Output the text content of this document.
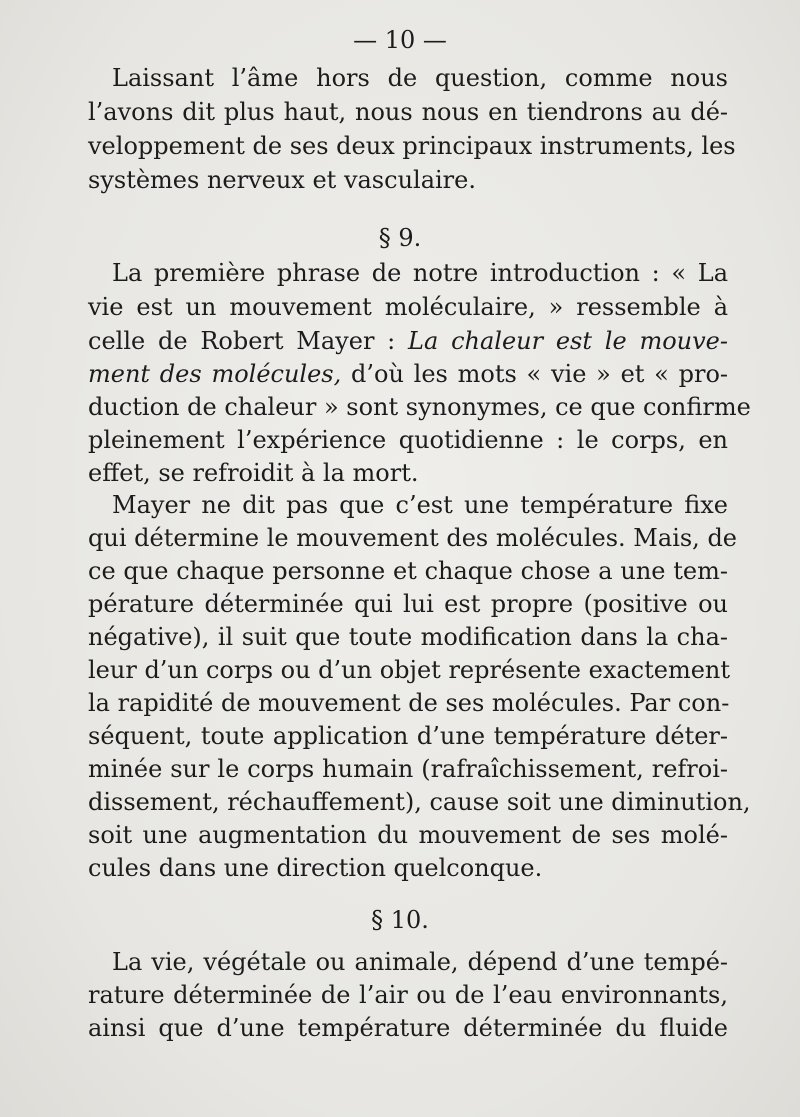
— 10 —
Laissant l’âme hors de question, comme nous
l’avons dit plus haut, nous nous en tiendrons au dé-
veloppement de ses deux principaux instruments, les
systèmes nerveux et vasculaire.
§ 9.
La première phrase de notre introduction : « La
vie est un mouvement moléculaire, » ressemble à
celle de Robert Mayer : La chaleur est le mouve-
ment des molécules, d’où les mots « vie » et « pro-
duction de chaleur » sont synonymes, ce que confirme
pleinement l’expérience quotidienne : le corps, en
effet, se refroidit à la mort.
Mayer ne dit pas que c’est une température fixe
qui détermine le mouvement des molécules. Mais, de
ce que chaque personne et chaque chose a une tem-
pérature déterminée qui lui est propre (positive ou
négative), il suit que toute modification dans la cha-
leur d’un corps ou d’un objet représente exactement
la rapidité de mouvement de ses molécules. Par con-
séquent, toute application d’une température déter-
minée sur le corps humain (rafraîchissement, refroi-
dissement, réchauffement), cause soit une diminution,
soit une augmentation du mouvement de ses molé-
cules dans une direction quelconque.
§ 10.
La vie, végétale ou animale, dépend d’une tempé-
rature déterminée de l’air ou de l’eau environnants,
ainsi que d’une température déterminée du fluide
